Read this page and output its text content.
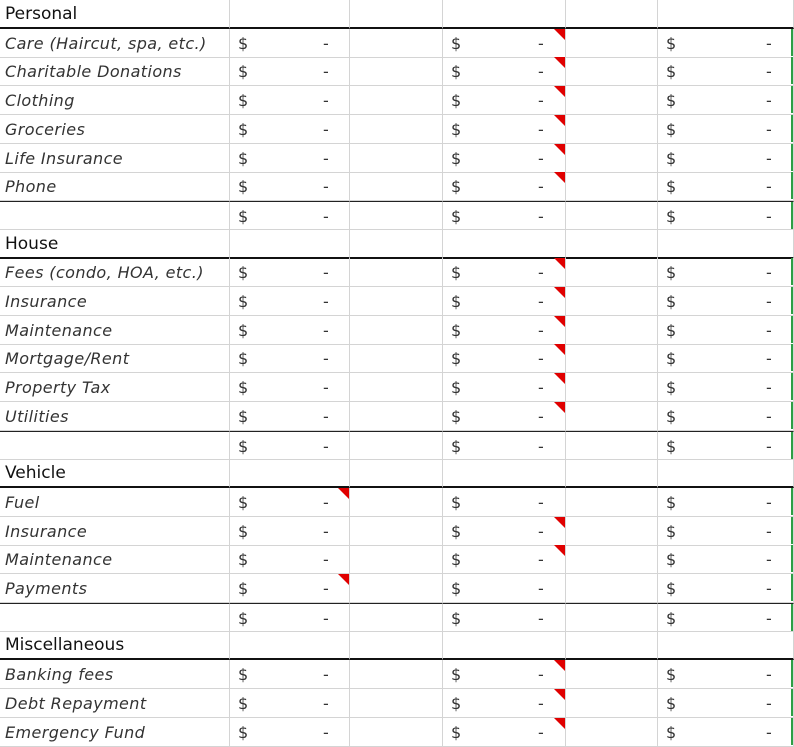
Personal
Care (Haircut, spa, etc.) $	-	$	-	$	-
Charitable Donations	$	-	$	-	$	-
Clothing	$	-	$	-	$	-
Groceries	$	-	$	-	$	-
Life Insurance	$	-	$	-	$	-
Phone	$	-	$	-	$	-
$	-	$	-	$	-
House
Fees (condo, HOA, etc.) $	-	$	-	$	-
Insurance	$	-	$	-	$	-
Maintenance	$	-	$	-	$	-
Mortgage/Rent	$	-	$	-	$	-
Property Tax	$	-	$	-	$	-
Utilities	$	-	$	-	$	-
$	-	$	-	$	-
Vehicle
Fuel	$	-	$	-	$	-
Insurance	$	-	$	-	$	-
Maintenance	$	-	$	-	$	-
Payments	$	-	$	-	$	-
$	-	$	-	$	-
Miscellaneous
Banking fees	$	-	$	-	$	-
Debt Repayment	$	-	$	-	$	-
Emergency Fund	$	-	$	-	$	-
